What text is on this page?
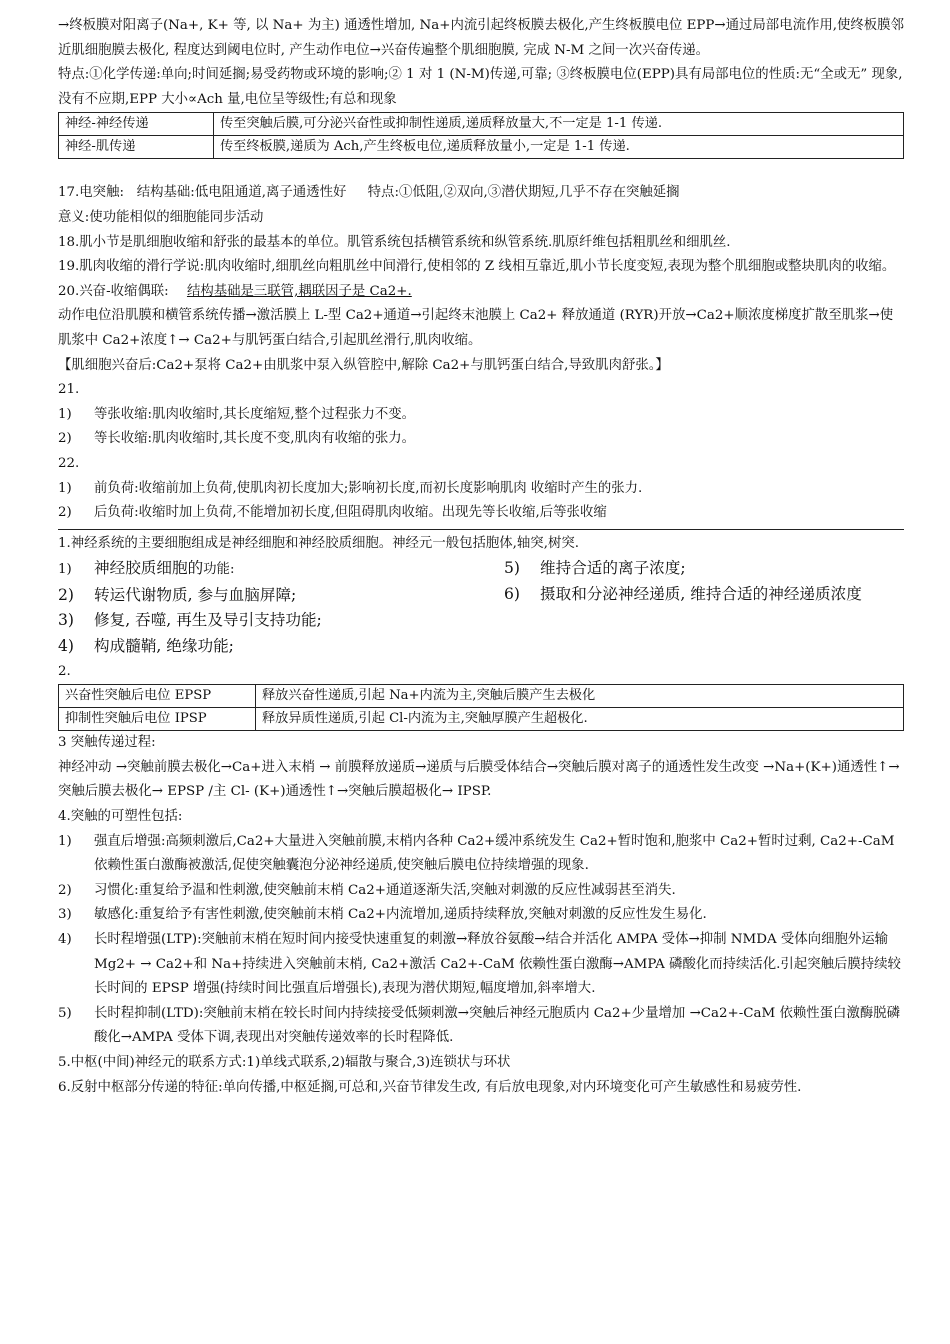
→终板膜对阳离子(Na+, K+ 等, 以 Na+ 为主) 通透性增加, Na+内流引起终板膜去极化,产生终板膜电位 EPP→通过局部电流作用,使终板膜邻近肌细胞膜去极化, 程度达到阈电位时, 产生动作电位→兴奋传遍整个肌细胞膜, 完成 N-M 之间一次兴奋传递。

特点:①化学传递:单向;时间延搁;易受药物或环境的影响;② 1 对 1 (N-M)传递,可靠; ③终板膜电位(EPP)具有局部电位的性质:无“全或无” 现象,没有不应期,EPP 大小∝Ach 量,电位呈等级性;有总和现象

神经-神经传递	传至突触后膜,可分泌兴奋性或抑制性递质,递质释放量大,不一定是 1-1 传递.
神经-肌传递	传至终板膜,递质为 Ach,产生终板电位,递质释放量小,一定是 1-1 传递.

17.电突触:   结构基础:低电阻通道,离子通透性好     特点:①低阻,②双向,③潜伏期短,几乎不存在突触延搁

意义:使功能相似的细胞能同步活动

18.肌小节是肌细胞收缩和舒张的最基本的单位。肌管系统包括横管系统和纵管系统.肌原纤维包括粗肌丝和细肌丝.

19.肌肉收缩的滑行学说:肌肉收缩时,细肌丝向粗肌丝中间滑行,使相邻的 Z 线相互靠近,肌小节长度变短,表现为整个肌细胞或整块肌肉的收缩。

20.兴奋-收缩偶联: 结构基础是三联管,耦联因子是 Ca2+.

动作电位沿肌膜和横管系统传播→激活膜上 L-型 Ca2+通道→引起终末池膜上 Ca2+ 释放通道 (RYR)开放→Ca2+顺浓度梯度扩散至肌浆→使肌浆中 Ca2+浓度↑→ Ca2+与肌钙蛋白结合,引起肌丝滑行,肌肉收缩。

【肌细胞兴奋后:Ca2+泵将 Ca2+由肌浆中泵入纵管腔中,解除 Ca2+与肌钙蛋白结合,导致肌肉舒张。】

21.

1) 等张收缩:肌肉收缩时,其长度缩短,整个过程张力不变。

2) 等长收缩:肌肉收缩时,其长度不变,肌肉有收缩的张力。

22.

1) 前负荷:收缩前加上负荷,使肌肉初长度加大;影响初长度,而初长度影响肌肉 收缩时产生的张力.

2) 后负荷:收缩时加上负荷,不能增加初长度,但阻碍肌肉收缩。出现先等长收缩,后等张收缩

1.神经系统的主要细胞组成是神经细胞和神经胶质细胞。神经元一般包括胞体,轴突,树突.

1) 神经胶质细胞的功能:

2) 转运代谢物质, 参与血脑屏障;

3) 修复, 吞噬, 再生及导引支持功能;

4) 构成髓鞘, 绝缘功能;

5) 维持合适的离子浓度;

6) 摄取和分泌神经递质, 维持合适的神经递质浓度

2.

兴奋性突触后电位 EPSP	释放兴奋性递质,引起 Na+内流为主,突触后膜产生去极化
抑制性突触后电位 IPSP	释放异质性递质,引起 Cl-内流为主,突触厚膜产生超极化.

3 突触传递过程:

神经冲动 →突触前膜去极化→Ca+进入末梢 → 前膜释放递质→递质与后膜受体结合→突触后膜对离子的通透性发生改变 →Na+(K+)通透性↑→突触后膜去极化→ EPSP /主 Cl- (K+)通透性↑→突触后膜超极化→ IPSP.

4.突触的可塑性包括:

1) 强直后增强:高频刺激后,Ca2+大量进入突触前膜,末梢内各种 Ca2+缓冲系统发生 Ca2+暂时饱和,胞浆中 Ca2+暂时过剩, Ca2+-CaM 依赖性蛋白激酶被激活,促使突触囊泡分泌神经递质,使突触后膜电位持续增强的现象.

2) 习惯化:重复给予温和性刺激,使突触前末梢 Ca2+通道逐渐失活,突触对刺激的反应性减弱甚至消失.

3) 敏感化:重复给予有害性刺激,使突触前末梢 Ca2+内流增加,递质持续释放,突触对刺激的反应性发生易化.

4) 长时程增强(LTP):突触前末梢在短时间内接受快速重复的刺激→释放谷氨酸→结合并活化 AMPA 受体→抑制 NMDA 受体向细胞外运输 Mg2+ → Ca2+和 Na+持续进入突触前末梢, Ca2+激活 Ca2+-CaM 依赖性蛋白激酶→AMPA 磷酸化而持续活化.引起突触后膜持续较长时间的 EPSP 增强(持续时间比强直后增强长),表现为潜伏期短,幅度增加,斜率增大.

5) 长时程抑制(LTD):突触前末梢在较长时间内持续接受低频刺激→突触后神经元胞质内 Ca2+少量增加 →Ca2+-CaM 依赖性蛋白激酶脱磷酸化→AMPA 受体下调,表现出对突触传递效率的长时程降低.

5.中枢(中间)神经元的联系方式:1)单线式联系,2)辐散与聚合,3)连锁状与环状

6.反射中枢部分传递的特征:单向传播,中枢延搁,可总和,兴奋节律发生改, 有后放电现象,对内环境变化可产生敏感性和易疲劳性.
